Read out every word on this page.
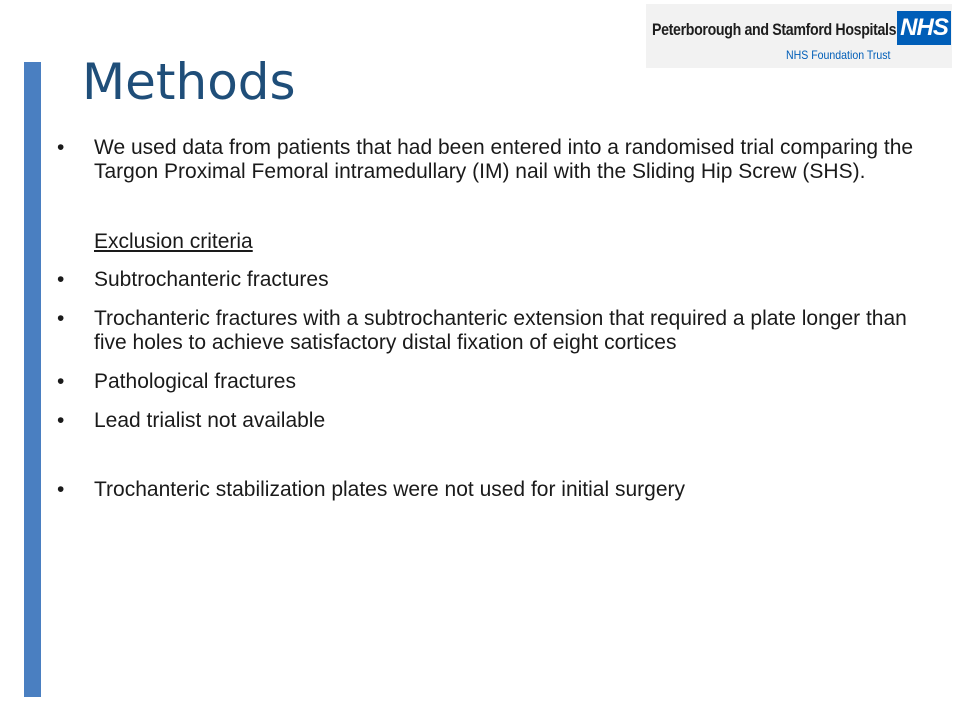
Peterborough and Stamford Hospitals NHS
NHS Foundation Trust
Methods
• We used data from patients that had been entered into a randomised trial comparing the Targon Proximal Femoral intramedullary (IM) nail with the Sliding Hip Screw (SHS).
Exclusion criteria
• Subtrochanteric fractures
• Trochanteric fractures with a subtrochanteric extension that required a plate longer than five holes to achieve satisfactory distal fixation of eight cortices
• Pathological fractures
• Lead trialist not available
• Trochanteric stabilization plates were not used for initial surgery
